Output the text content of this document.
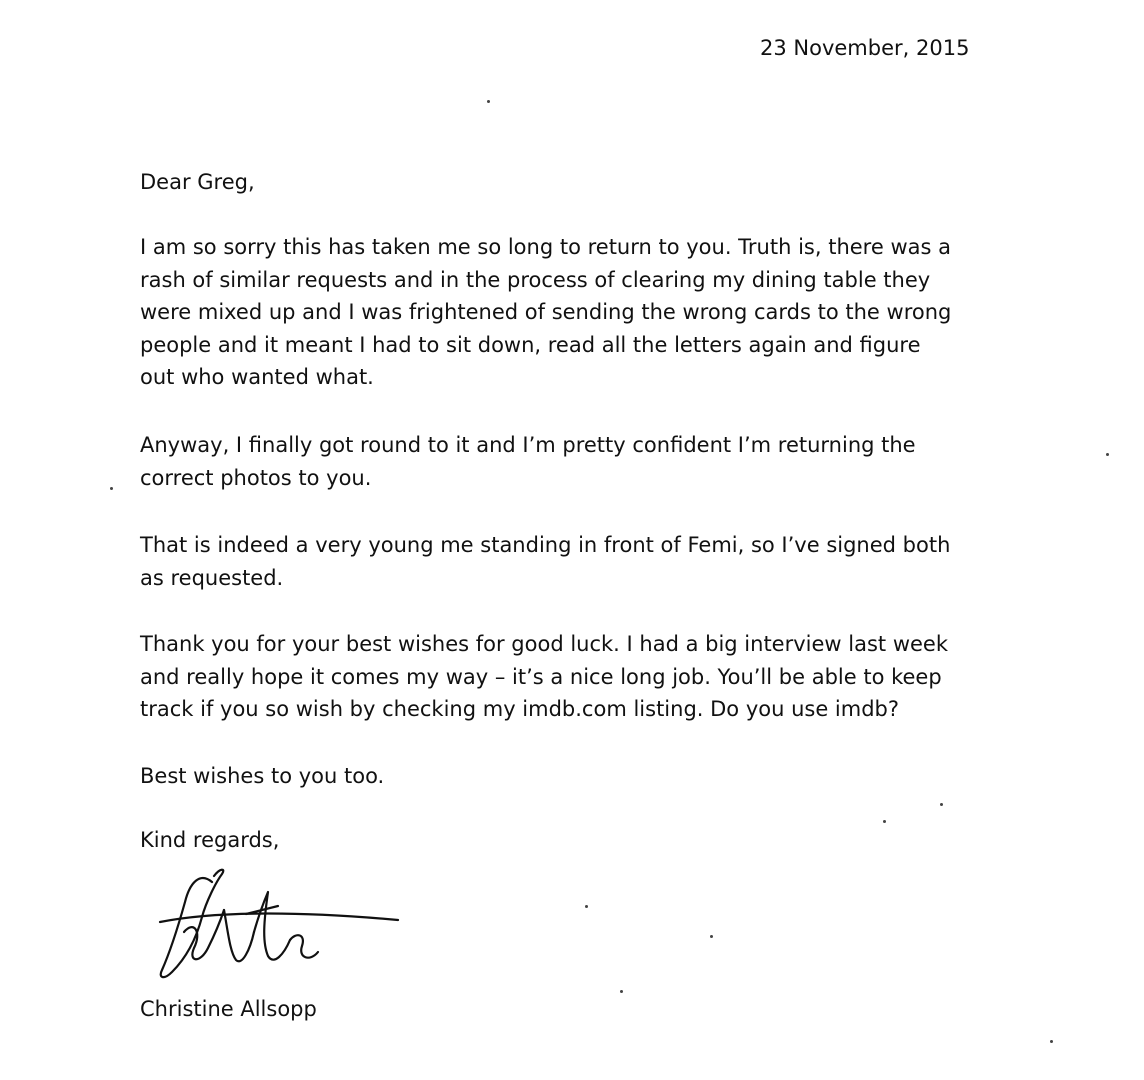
23 November, 2015
Dear Greg,
I am so sorry this has taken me so long to return to you. Truth is, there was a
rash of similar requests and in the process of clearing my dining table they
were mixed up and I was frightened of sending the wrong cards to the wrong
people and it meant I had to sit down, read all the letters again and figure
out who wanted what.
Anyway, I finally got round to it and I’m pretty confident I’m returning the
correct photos to you.
That is indeed a very young me standing in front of Femi, so I’ve signed both
as requested.
Thank you for your best wishes for good luck. I had a big interview last week
and really hope it comes my way – it’s a nice long job. You’ll be able to keep
track if you so wish by checking my imdb.com listing. Do you use imdb?
Best wishes to you too.
Kind regards,
Christine Allsopp
